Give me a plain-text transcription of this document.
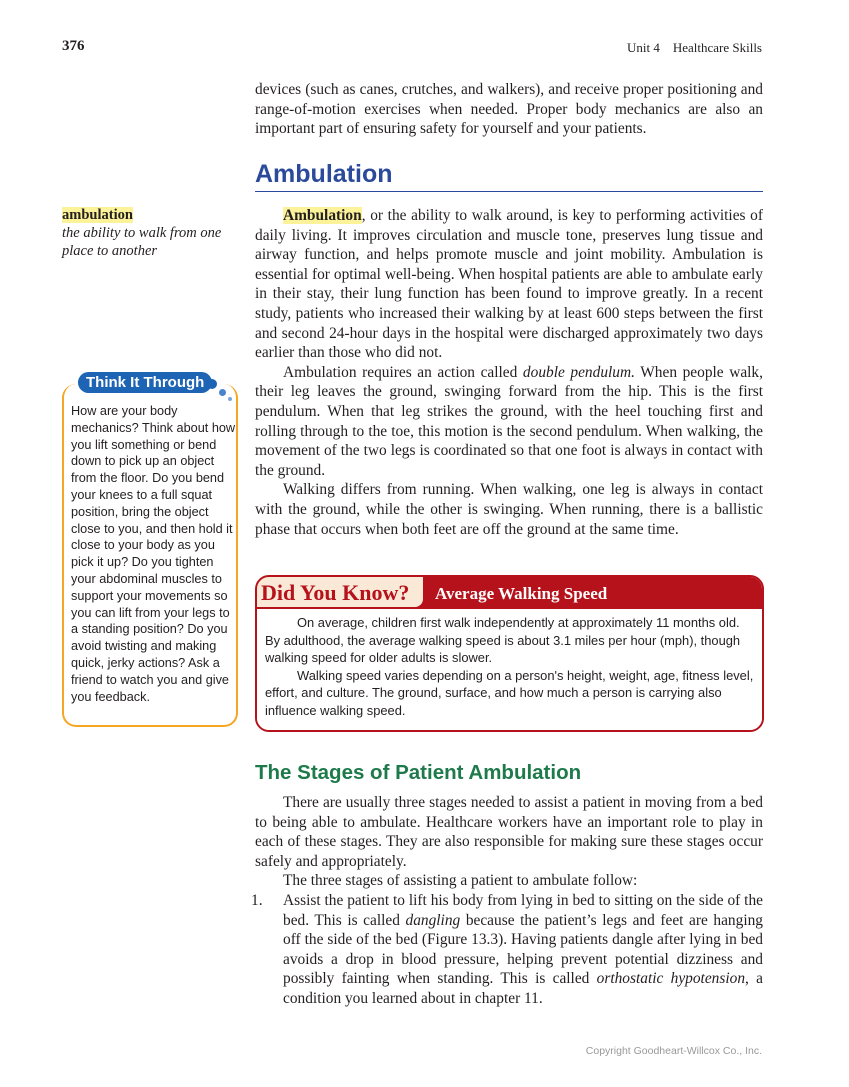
376	Unit 4    Healthcare Skills

devices (such as canes, crutches, and walkers), and receive proper positioning and range-of-motion exercises when needed. Proper body mechanics are also an important part of ensuring safety for yourself and your patients.

Ambulation

Ambulation, or the ability to walk around, is key to performing activities of daily living. It improves circulation and muscle tone, preserves lung tissue and airway function, and helps promote muscle and joint mobility. Ambulation is essential for optimal well-being. When hospital patients are able to ambulate early in their stay, their lung function has been found to improve greatly. In a recent study, patients who increased their walking by at least 600 steps between the first and second 24-hour days in the hospital were discharged approximately two days earlier than those who did not.

Ambulation requires an action called double pendulum. When people walk, their leg leaves the ground, swinging forward from the hip. This is the first pendulum. When that leg strikes the ground, with the heel touching first and rolling through to the toe, this motion is the second pendulum. When walking, the movement of the two legs is coordinated so that one foot is always in contact with the ground.

Walking differs from running. When walking, one leg is always in contact with the ground, while the other is swinging. When running, there is a ballistic phase that occurs when both feet are off the ground at the same time.

ambulation
the ability to walk from one place to another
Think It Through
How are your body mechanics? Think about how you lift something or bend down to pick up an object from the floor. Do you bend your knees to a full squat position, bring the object close to you, and then hold it close to your body as you pick it up? Do you tighten your abdominal muscles to support your movements so you can lift from your legs to a standing position? Do you avoid twisting and making quick, jerky actions? Ask a friend to watch you and give you feedback.
Did You Know?	Average Walking Speed

On average, children first walk independently at approximately 11 months old. By adulthood, the average walking speed is about 3.1 miles per hour (mph), though walking speed for older adults is slower.

Walking speed varies depending on a person's height, weight, age, fitness level, effort, and culture. The ground, surface, and how much a person is carrying also influence walking speed.

The Stages of Patient Ambulation

There are usually three stages needed to assist a patient in moving from a bed to being able to ambulate. Healthcare workers have an important role to play in each of these stages. They are also responsible for making sure these stages occur safely and appropriately.

The three stages of assisting a patient to ambulate follow:

1. Assist the patient to lift his body from lying in bed to sitting on the side of the bed. This is called dangling because the patient’s legs and feet are hanging off the side of the bed (Figure 13.3). Having patients dangle after lying in bed avoids a drop in blood pressure, helping prevent potential dizziness and possibly fainting when standing. This is called orthostatic hypotension, a condition you learned about in chapter 11.
Copyright Goodheart-Willcox Co., Inc.
